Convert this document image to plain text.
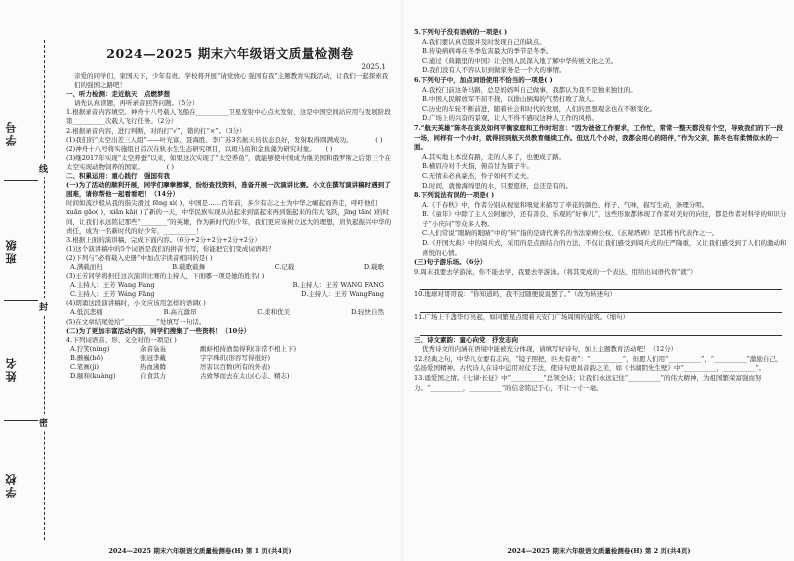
学号
班级
姓名
学校
线
封
密
2024—2025 期末六年级语文质量检测卷
2025.1

亲爱的同学们，家国天下，少年有责。学校将开展“请党放心 强国有我”主题教育实践活动，让我们一起探索我们的强国之路吧！

一、听力检测：走近航天　点燃梦想

请先认真读题，再听录音回答问题。（5分）

1.根据录音内容填空。神舟十八号载人飞船在__________卫星发射中心点火发射，这是中国空间站应用与发展阶段第__________次载人飞行任务。（2分）

2.根据录音内容，进行判断，对的打“√”，错的打“×”。（3分）

(1)我们的“太空出差三人组”——叶光富、聂海胜、李广苏3名航天员状态良好，发射取得圆满成功。　　　　( )

(2)神舟十八号将实施组日首次在轨水生生态研究项目，以斑马鱼和金鱼藻为研究对象。　　( )

(3)继2017年实现“太空养蚕”以来，如果这次实现了“太空养鱼”，就能够使中国成为继美国和俄罗斯之后第三个在太空实现动物饲养的国家。　　　　( )

二、积累运用：重心践行　强国有我

(一)为了活动的顺利开展，同学们摩拳擦掌，纷纷查找资料，准备开展一次演讲比赛。小文在撰写演讲稿时遇到了困难，请你帮他一起看看吧！（14分）

时间如流沙般从我的指尖滑过 fēng xì( )，中国是……百年前，多少有志之士为中华之崛起而奔走，呼吁他们 xuān gāo( )，xiǎn kāi( )了新的一天，中华民族实现从站起来到富起来再到强起来的伟大飞跃，jīng tān( )的时间，让我们永远铭记那些“________”的英雄，作为新时代的少年，我们更应该树立远大的理想，肩负起振兴中华的责任，成为一名新时代的好少年，__________！

3.根据上面的演讲稿，完成下面内容。（6分+2分+2分+2分+2分）

(1)这个演讲稿中的5个词语是我们的拼音书写，你能把它们变成词语吗？

(2)下列与“必将载入史册”中加点字读音相同的是( )

A.满载而归	B.载歌载舞	C.记载	D.载歌

(3)王芳同学将担任这次演讲比赛的主持人，下面哪一项是她的姓名( )

A.主持人：王芳 Wang Fang	B.主持人：王芳 WANG FANG
C.主持人：王芳 Wáng Fāng	D.主持人：王芳 WangFang

(4)朗诵这段演讲稿时，小文应该用怎样的语调( )

A.低沉悲痛	B.高亢激昂	C.柔和优美	D.轻快自然

(5)在文章结尾处给“__________”处填写一句话。

(二)为了更加丰富活动内容，同学们搜集了一些资料！（10分）

4.下列词语音、形、义全对的一项是( )

A.狞笑(níng)	余音袅袅	鹬蚌相持渔翁得利(非常不相上下)
B.颤巍(bō)	张冠李戴	字字珠玑(形容写得很好)
C.笔画(jì)	热血沸腾	厉害以百数(所有的外表)
D.颐和(kuàng)	自食其力	古致琴而去在太山(心志、精志)
2024—2025 期末六年级语文质量检测卷(H) 第 1 页(共4页)

5.下列句子没有语病的一项是( )

A.我们要认真克服并及时发现自己的缺点。

B.传染病病毒在冬季危害最大的季节是冬季。

C.通过《典籍里的中国》让全国人民深入地了解中华传统文化之美。

D.我们没有人不容认识到做家务是一个大的事情。

6.下列句子中，加点词语使用不恰当的一项是( )

A.我校门前这条马路，总是妈妈叫自己做事，我都认为我不是独来独往的。

B.中国人民解放军不屈不挠，以排山倒海的气势打败了敌人。

C.历史的车轮不断前进，随着社会和时代的发展，人们的思想观念也在不断变化。

D.广场上的兴奋的景观，让人不得不感叹这种人工作的风格。

7.“航天英雄”陈冬在谈及如何平衡家庭和工作时坦言：“因为爸爸工作要求，工作忙，常常一整天都没有个空，导致我们的下一段一场，同样有一个小时，就得回到航天员教育继续工作。但这几个小时，我都会用心的陪伴，”作为父亲，陈冬也有柔情似水的一面。

A.其实地上本没有路，走的人多了，也便成了路。

B.横眉冷对千夫指，俯首甘为孺子牛。

C.无情未必真豪杰，怜子如何不丈夫。

D.时间，就像海绵里的水，只要愿挤，总还是有的。

8.下列说法有误的一项是( )

A.《千春秋》中，作者分别从视觉和嗅觉来描写了牵花的颜色、样子、气味，描写生动，条理分明。

B.《童年》中除了主人公阿廖沙，还有善良、乐观的“好事儿”，这些形象都体现了作者对美好的向往，都是作者对科学的知识分子“小庆问”等众多人物。

C.人们常说“眼睛的眼睛”中的“转”指的是唐代著名的书法家柳公权、《玄秘塔碑》是其楷书代表作之一。

D.《开国大典》中的阅兵式，采用的是点面结合的方法，不仅让我们感受到阅兵式的庄严隆重，又让我们感受到了人们的激动和喜悦的心情。

(三)句子游乐场。（6分）

9.周末我要去学游泳，你不能去学，我要去学游泳。（将其变成的一个表达，用给出词语代替“就”）

10.地球对哥哥说：“你知道吗，我不过随便说说罢了。”（改为转述句）

11.广场上千盏华灯亮起，如同繁星点缀着天安门广场周围的建筑。（缩句）

三、诗文素韵：童心向党　抒发志向

优秀诗文的内涵在语境中能被充分体现，请填写好诗句，加上主题教育活动吧！（12分）

12.经典之句，中华儿女要有志向，“镜子照把，匹夫有责”：“__________”，但愿人们用“__________”，“__________”激励自己，弘扬爱国精神。古代诗人在诗中运用对仗手法，使诗句更具音韵之美，如《书湖阴先生壁》中“__________，__________”。

13.诵爱国之情。《七律·长征》中“__________”总领全诗；让我们永远记住“__________”的伟大精神，为祖国繁荣富强而努力。“__________，__________”的信念铭记于心，不让一寸一毫。

2024—2025 期末六年级语文质量检测卷(H) 第 2 页(共4页)
